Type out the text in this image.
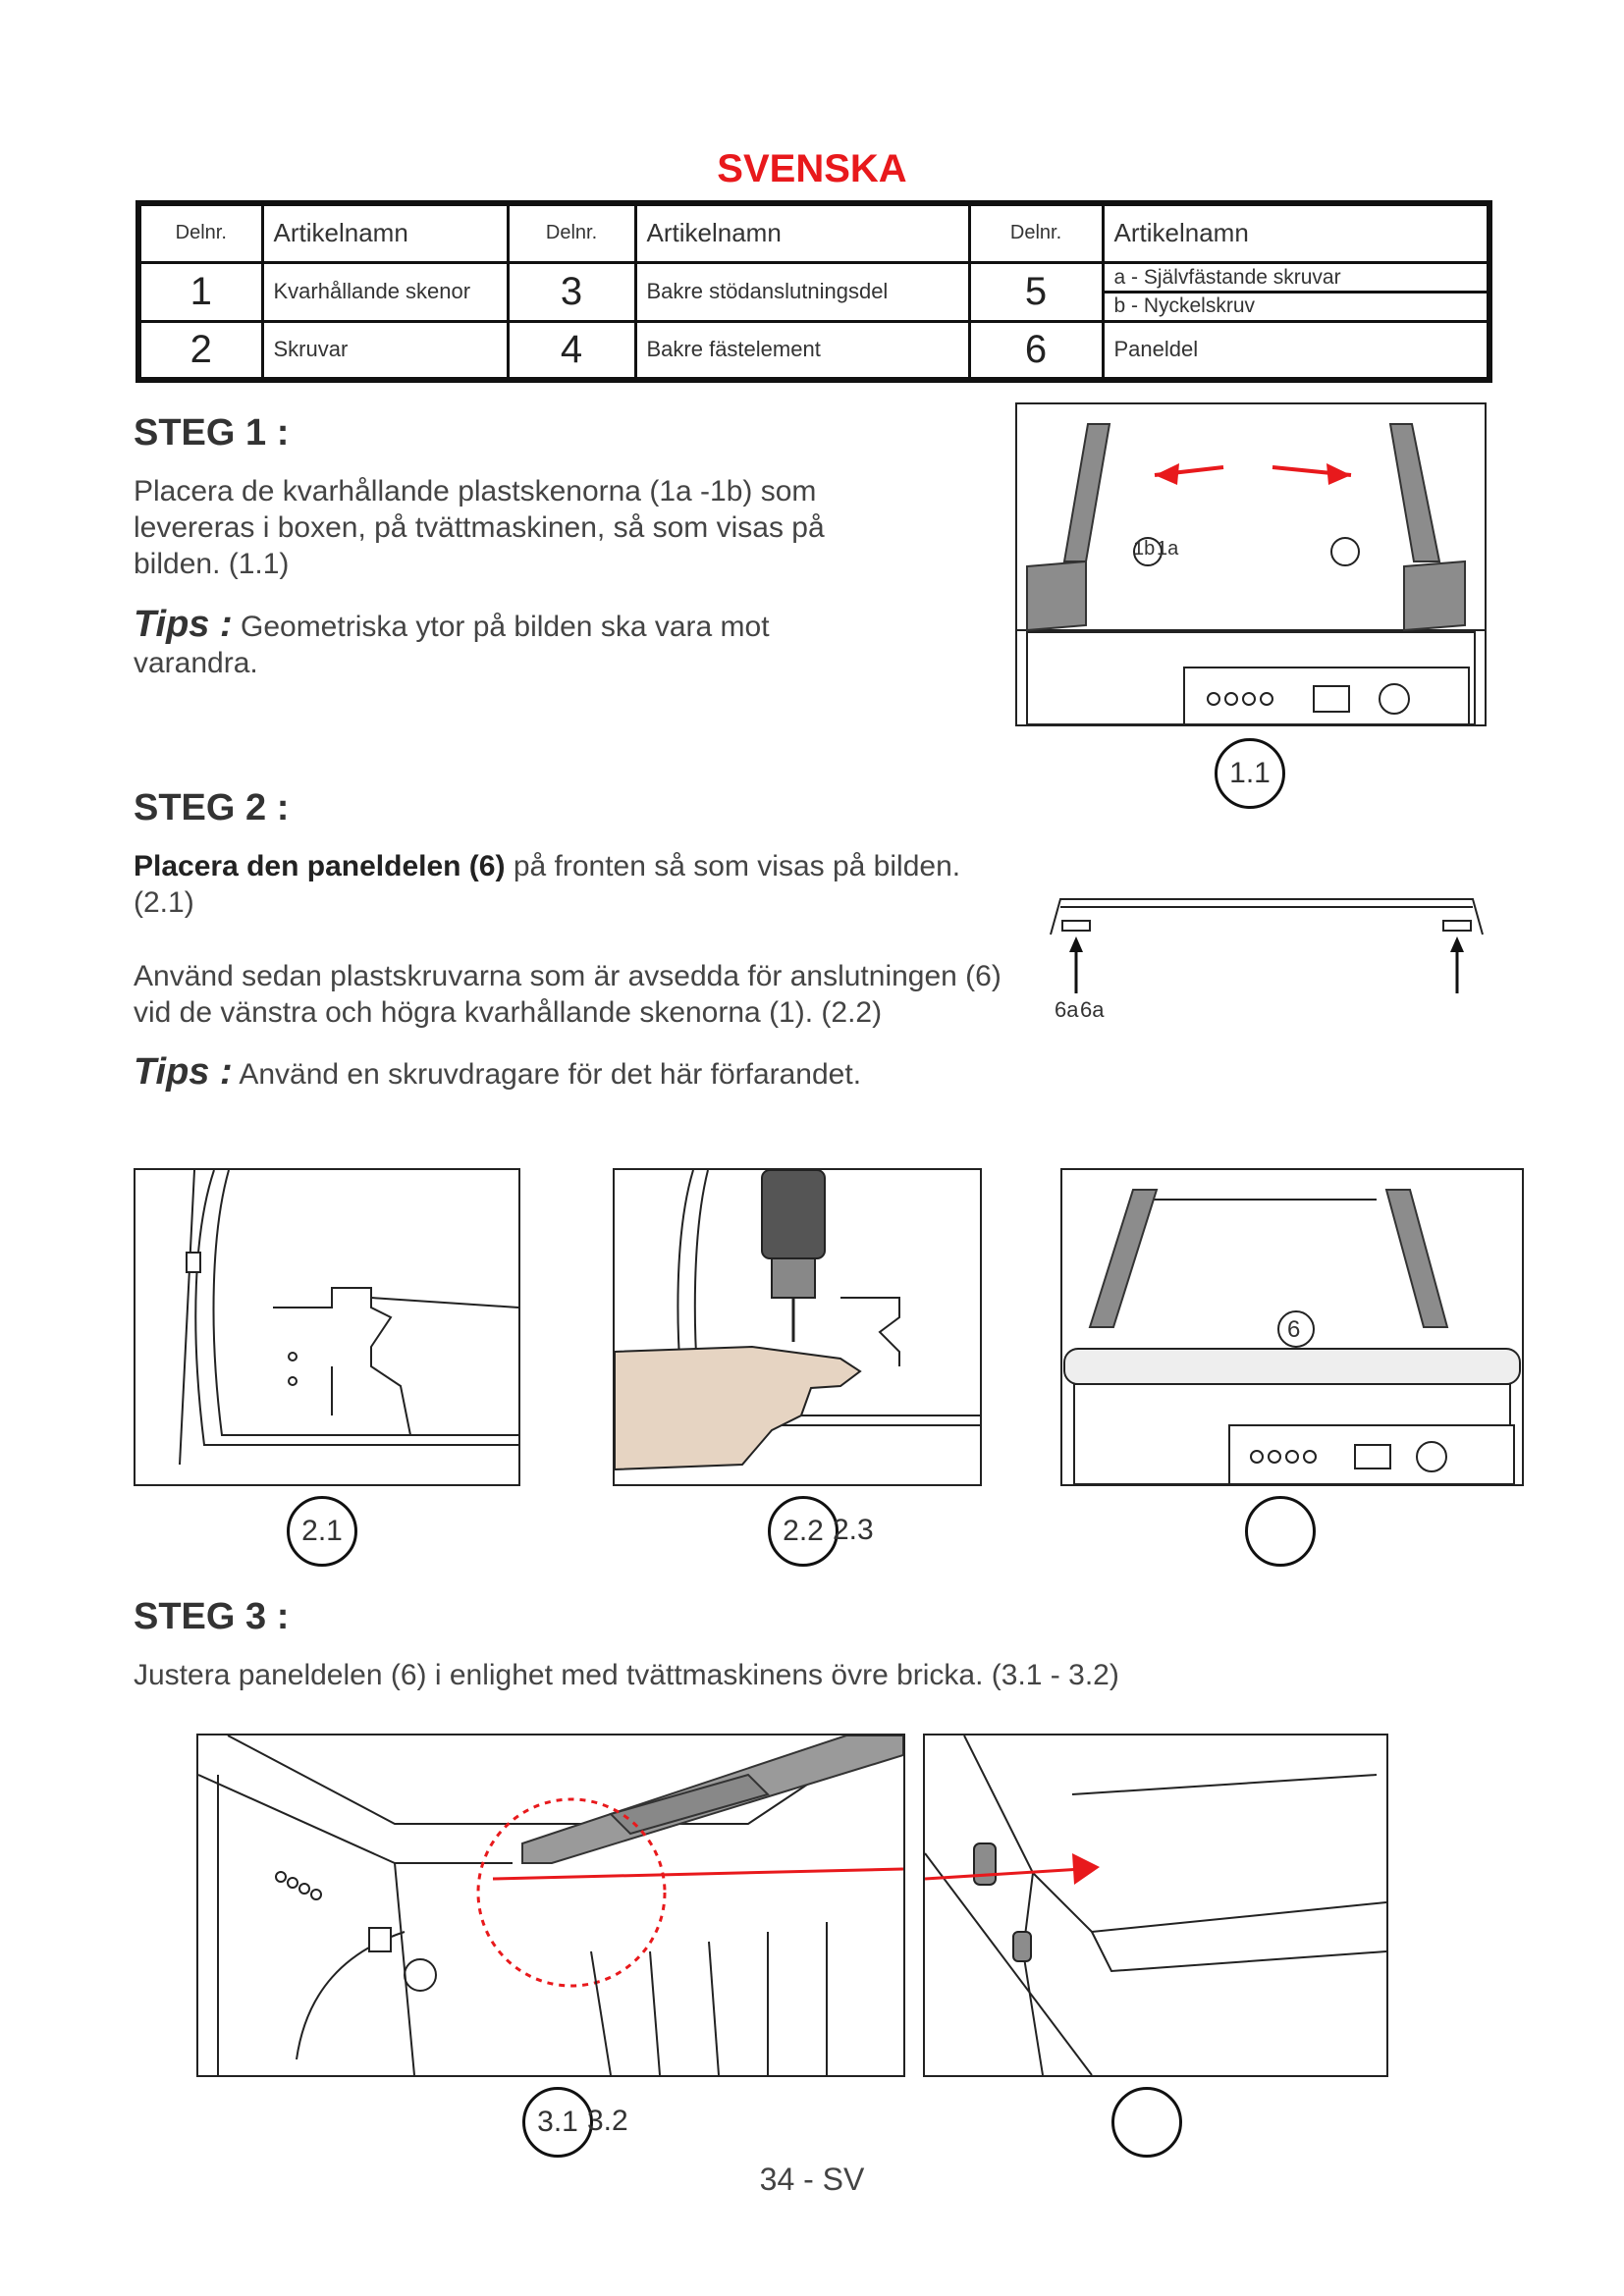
SVENSKA
Delnr.	Artikelnamn	Delnr.	Artikelnamn	Delnr.	Artikelnamn
1	Kvarhållande skenor	3	Bakre stödanslutningsdel	5	a - Självfästande skruvar
b - Nyckelskruv

2	Skruvar	4	Bakre fästelement	6	Paneldel
STEG 1 :
Placera de kvarhållande plastskenorna (1a -1b) som
levereras i boxen, på tvättmaskinen, så som visas på
bilden. (1.1)
Tips : Geometriska ytor på bilden ska vara mot
varandra.
1b 1a
1.1
STEG 2 :
Placera den paneldelen (6) på fronten så som visas på bilden.
(2.1)
Använd sedan plastskruvarna som är avsedda för anslutningen (6)
vid de vänstra och högra kvarhållande skenorna (1). (2.2)
Tips : Använd en skruvdragare för det här förfarandet.
6a 6a
2.1	2.2 2.3
6
STEG 3 :
Justera paneldelen (6) i enlighet med tvättmaskinens övre bricka. (3.1 - 3.2)
3.1 3.2
34 - SV
